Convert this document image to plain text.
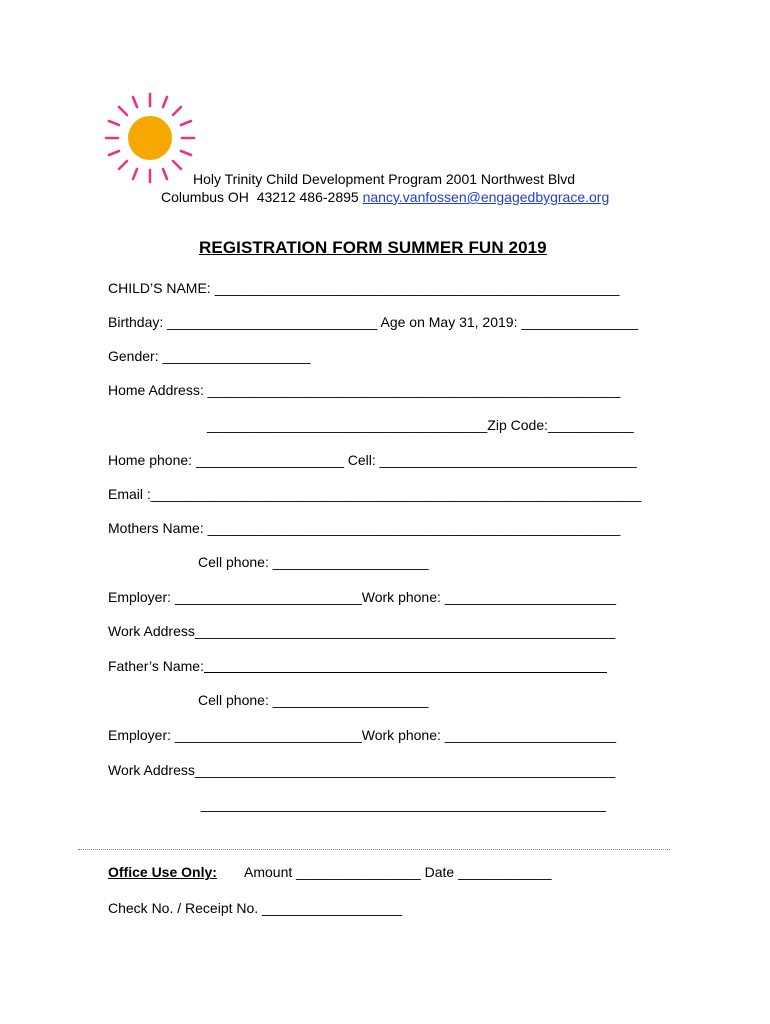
Holy Trinity Child Development Program 2001 Northwest Blvd
Columbus OH  43212 486-2895 nancy.vanfossen@engagedbygrace.org
REGISTRATION FORM SUMMER FUN 2019
CHILD’S NAME: ____________________________________________________
Birthday: ___________________________ Age on May 31, 2019: _______________
Gender: ___________________
Home Address: _____________________________________________________
____________________________________Zip Code:___________
Home phone: ___________________ Cell: _________________________________
Email :_______________________________________________________________
Mothers Name: _____________________________________________________
Cell phone: ____________________
Employer: ________________________Work phone: ______________________
Work Address______________________________________________________
Father’s Name:
Cell phone: ____________________
Employer: ________________________Work phone: ______________________
Work Address______________________________________________________
____________________________________________________
Office Use Only: Amount ________________ Date ____________
Check No. / Receipt No. __________________
